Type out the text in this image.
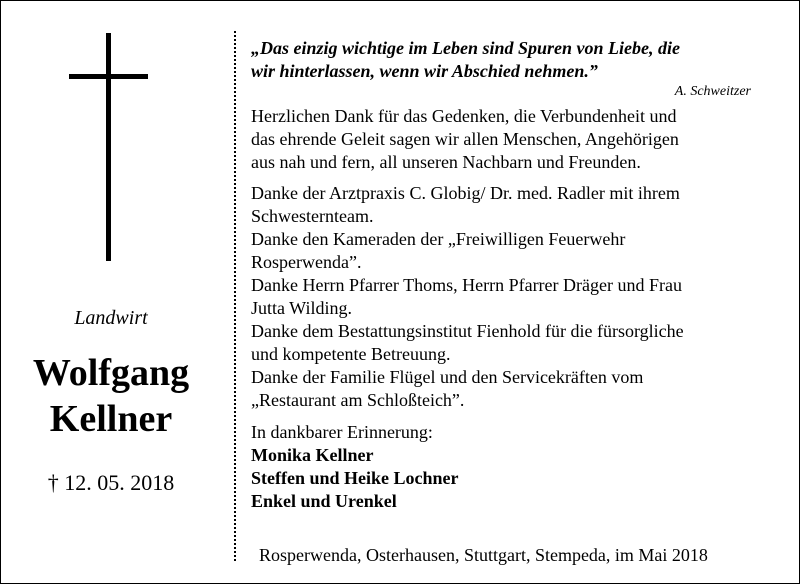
Landwirt
Wolfgang
Kellner
† 12. 05. 2018
„Das einzig wichtige im Leben sind Spuren von Liebe, die
wir hinterlassen, wenn wir Abschied nehmen.”
A. Schweitzer
Herzlichen Dank für das Gedenken, die Verbundenheit und
das ehrende Geleit sagen wir allen Menschen, Angehörigen
aus nah und fern, all unseren Nachbarn und Freunden.
Danke der Arztpraxis C. Globig/ Dr. med. Radler mit ihrem
Schwesternteam.
Danke den Kameraden der „Freiwilligen Feuerwehr
Rosperwenda”.
Danke Herrn Pfarrer Thoms, Herrn Pfarrer Dräger und Frau
Jutta Wilding.
Danke dem Bestattungsinstitut Fienhold für die fürsorgliche
und kompetente Betreuung.
Danke der Familie Flügel und den Servicekräften vom
„Restaurant am Schloßteich”.
In dankbarer Erinnerung:
Monika Kellner
Steffen und Heike Lochner
Enkel und Urenkel
Rosperwenda, Osterhausen, Stuttgart, Stempeda, im Mai 2018
